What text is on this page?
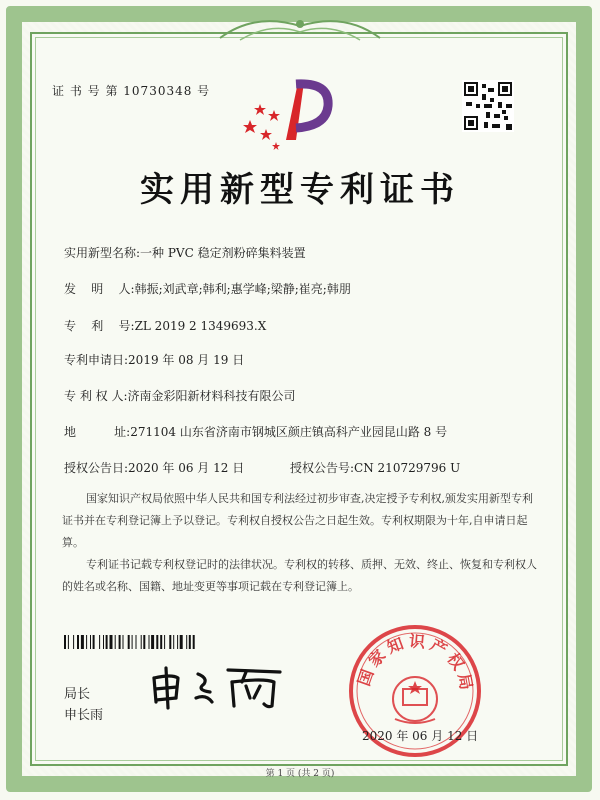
证 书 号 第 10730348 号
实用新型专利证书
实用新型名称:一种 PVC 稳定剂粉碎集料装置
发    明    人:韩振;刘武章;韩利;惠学峰;梁静;崔亮;韩朋
专    利    号:ZL 2019 2 1349693.X
专利申请日:2019 年 08 月 19 日
专 利 权 人:济南金彩阳新材料科技有限公司
地          址:271104 山东省济南市钢城区颜庄镇高科产业园昆山路 8 号
授权公告日:2020 年 06 月 12 日	授权公告号:CN 210729796 U
国家知识产权局依照中华人民共和国专利法经过初步审查,决定授予专利权,颁发实用新型专利证书并在专利登记簿上予以登记。专利权自授权公告之日起生效。专利权期限为十年,自申请日起算。
专利证书记载专利权登记时的法律状况。专利权的转移、质押、无效、终止、恢复和专利权人的姓名或名称、国籍、地址变更等事项记载在专利登记簿上。
局长
申长雨
国家知识产权局
2020 年 06 月 12 日
第 1 页 (共 2 页)
